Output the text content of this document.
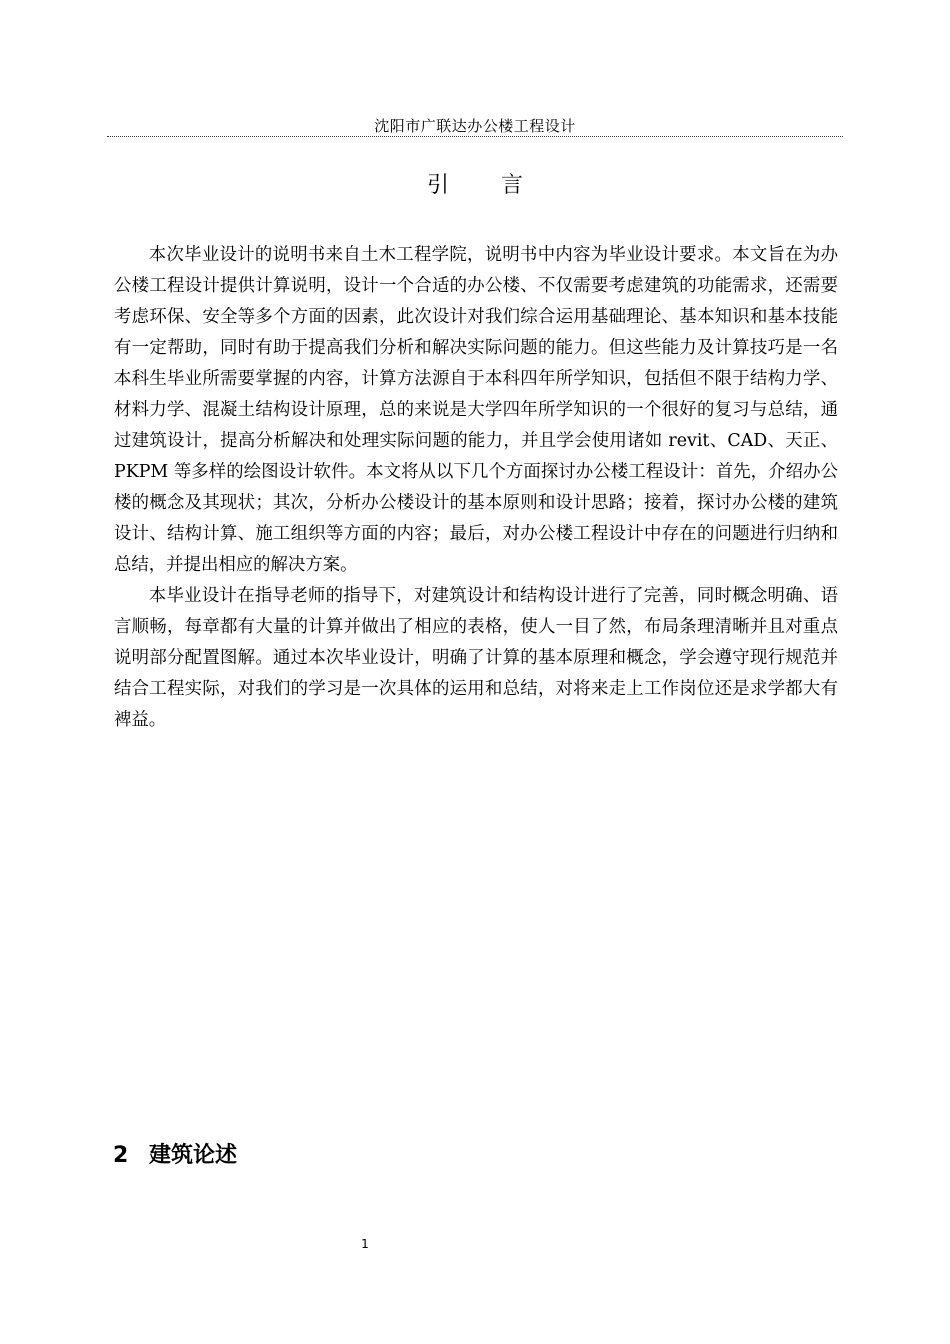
沈阳市广联达办公楼工程设计
引言

本次毕业设计的说明书来自土木工程学院，说明书中内容为毕业设计要求。本文旨在为办公楼工程设计提供计算说明，设计一个合适的办公楼、不仅需要考虑建筑的功能需求，还需要考虑环保、安全等多个方面的因素，此次设计对我们综合运用基础理论、基本知识和基本技能有一定帮助，同时有助于提高我们分析和解决实际问题的能力。但这些能力及计算技巧是一名本科生毕业所需要掌握的内容，计算方法源自于本科四年所学知识，包括但不限于结构力学、材料力学、混凝土结构设计原理，总的来说是大学四年所学知识的一个很好的复习与总结，通过建筑设计，提高分析解决和处理实际问题的能力，并且学会使用诸如 revit、CAD、天正、PKPM 等多样的绘图设计软件。本文将从以下几个方面探讨办公楼工程设计：首先，介绍办公楼的概念及其现状；其次，分析办公楼设计的基本原则和设计思路；接着，探讨办公楼的建筑设计、结构计算、施工组织等方面的内容；最后，对办公楼工程设计中存在的问题进行归纳和总结，并提出相应的解决方案。

本毕业设计在指导老师的指导下，对建筑设计和结构设计进行了完善，同时概念明确、语言顺畅，每章都有大量的计算并做出了相应的表格，使人一目了然，布局条理清晰并且对重点说明部分配置图解。通过本次毕业设计，明确了计算的基本原理和概念，学会遵守现行规范并结合工程实际，对我们的学习是一次具体的运用和总结，对将来走上工作岗位还是求学都大有裨益。

2 建筑论述
1
